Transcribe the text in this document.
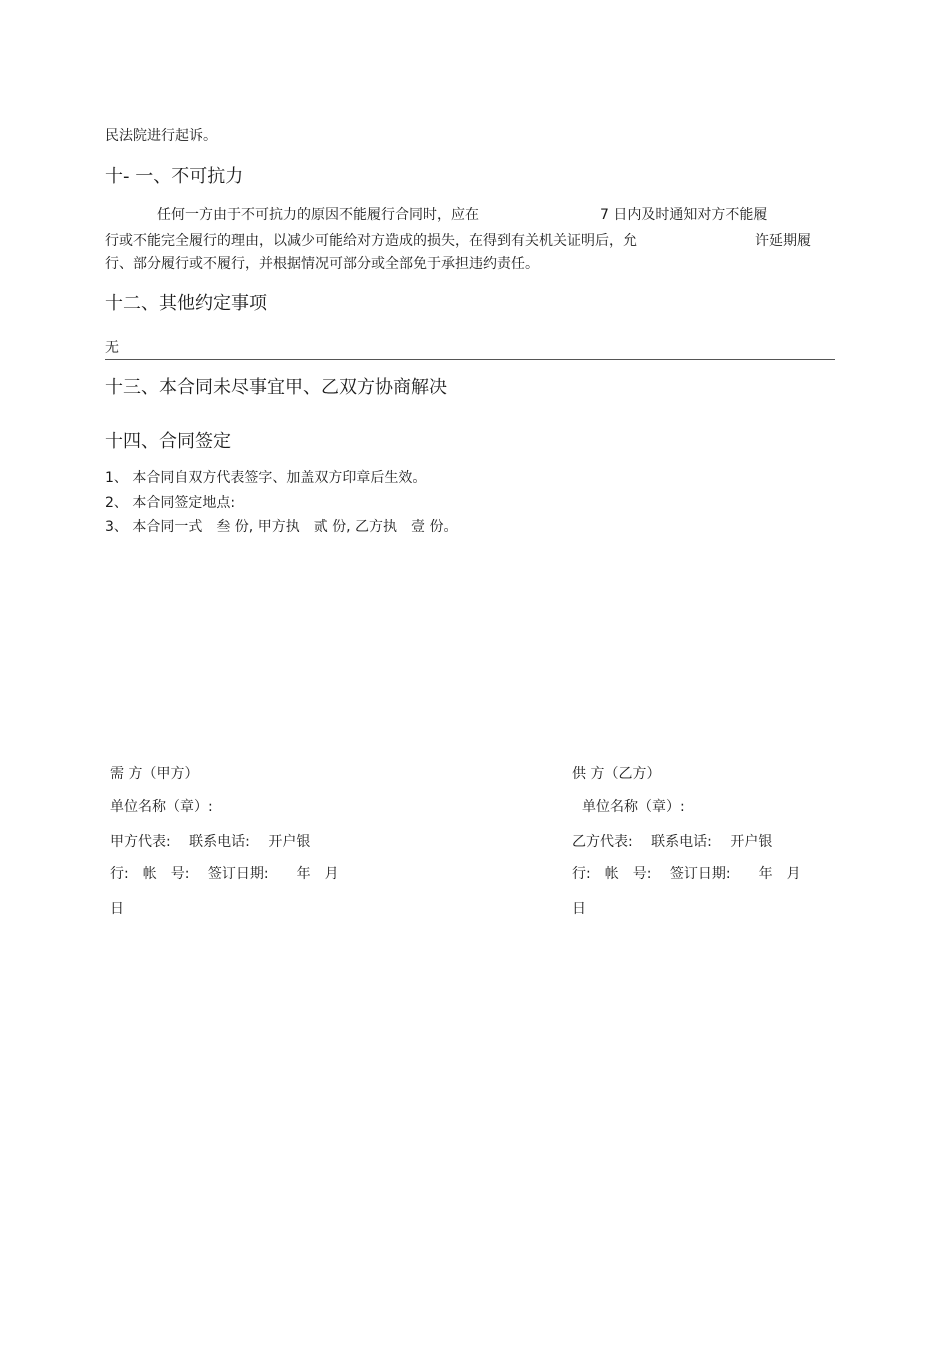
民法院进行起诉。
十- 一、不可抗力
任何一方由于不可抗力的原因不能履行合同时，应在	7 日内及时通知对方不能履
行或不能完全履行的理由，以减少可能给对方造成的损失，在得到有关机关证明后，允	许延期履
行、部分履行或不履行，并根据情况可部分或全部免于承担违约责任。
十二、其他约定事项
无
十三、本合同未尽事宜甲、乙双方协商解决
十四、合同签定
1、 本合同自双方代表签字、加盖双方印章后生效。
2、 本合同签定地点:
3、 本合同一式　叁 份, 甲方执　贰 份, 乙方执　壹 份。
需 方（甲方）
单位名称（章）:
甲方代表:　 联系电话:　 开户银
行:　帐　号:　 签订日期:　　年　月
日
供 方（乙方）
单位名称（章）:
乙方代表:　 联系电话:　 开户银
行:　帐　号:　 签订日期:　　年　月
日
